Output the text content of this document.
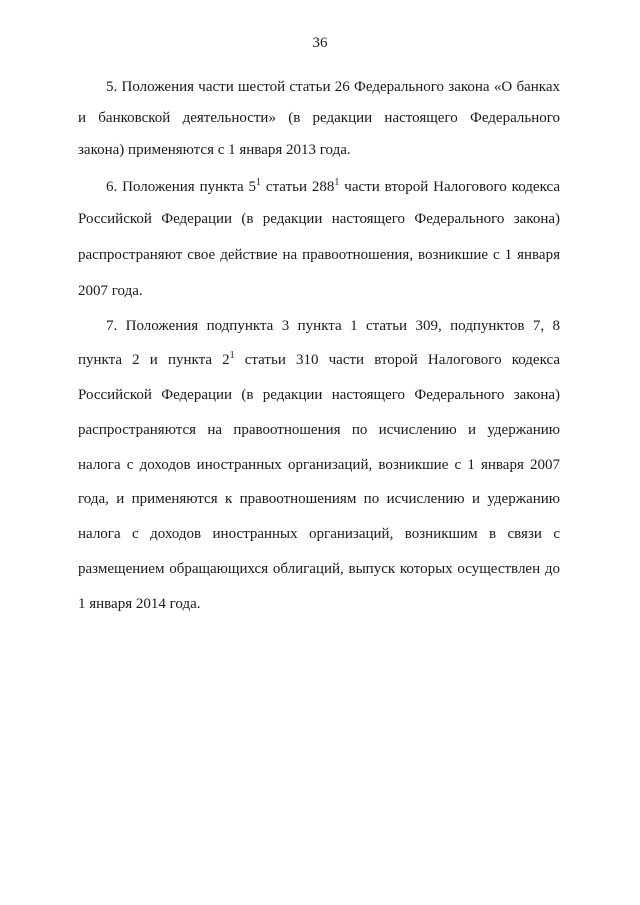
36
5. Положения части шестой статьи 26 Федерального закона «О банках
и банковской деятельности» (в редакции настоящего Федерального
закона) применяются с 1 января 2013 года.
6. Положения пункта $5^1$ статьи $288^1$ части второй Налогового кодекса
Российской Федерации (в редакции настоящего Федерального закона)
распространяют свое действие на правоотношения, возникшие с 1 января
2007 года.
7. Положения подпункта 3 пункта 1 статьи 309, подпунктов 7, 8
пункта 2 и пункта $2^1$ статьи 310 части второй Налогового кодекса
Российской Федерации (в редакции настоящего Федерального закона)
распространяются на правоотношения по исчислению и удержанию
налога с доходов иностранных организаций, возникшие с 1 января 2007
года, и применяются к правоотношениям по исчислению и удержанию
налога с доходов иностранных организаций, возникшим в связи с
размещением обращающихся облигаций, выпуск которых осуществлен до
1 января 2014 года.
